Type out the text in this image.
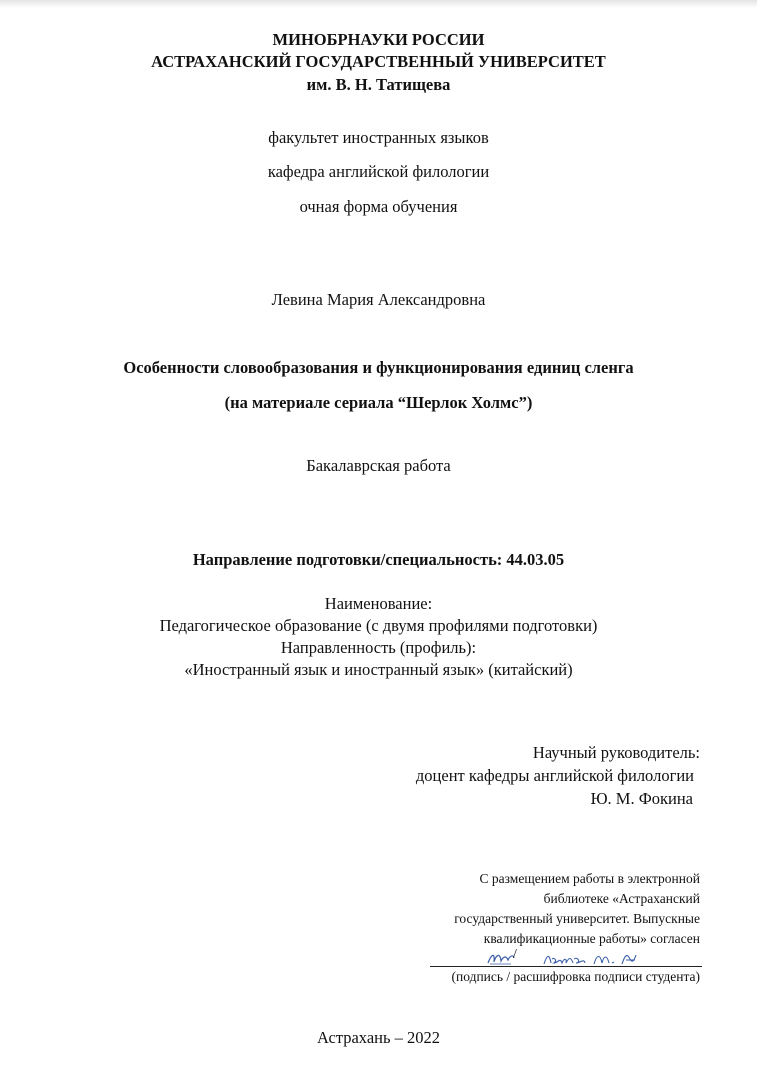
МИНОБРНАУКИ РОССИИ
АСТРАХАНСКИЙ ГОСУДАРСТВЕННЫЙ УНИВЕРСИТЕТ
им. В. Н. Татищева
факультет иностранных языков
кафедра английской филологии
очная форма обучения
Левина Мария Александровна
Особенности словообразования и функционирования единиц сленга
(на материале сериала “Шерлок Холмс”)
Бакалаврская работа
Направление подготовки/специальность: 44.03.05
Наименование:
Педагогическое образование (с двумя профилями подготовки)
Направленность (профиль):
«Иностранный язык и иностранный язык» (китайский)
Научный руководитель:
доцент кафедры английской филологии
Ю. М. Фокина
С размещением работы в электронной
библиотеке «Астраханский
государственный университет. Выпускные
квалификационные работы» согласен
/
(подпись / расшифровка подписи студента)
Астрахань – 2022
